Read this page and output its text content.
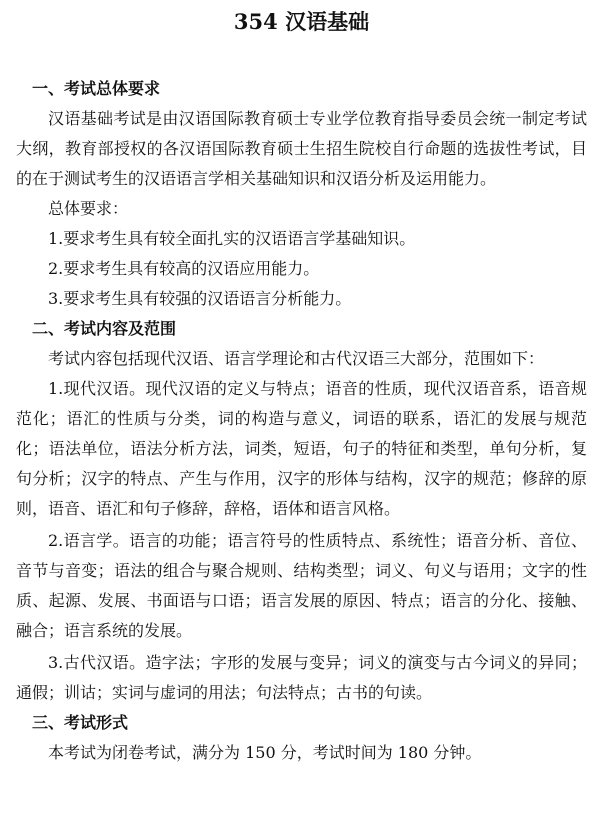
354 汉语基础
一、考试总体要求

汉语基础考试是由汉语国际教育硕士专业学位教育指导委员会统一制定考试大纲，教育部授权的各汉语国际教育硕士生招生院校自行命题的选拔性考试，目的在于测试考生的汉语语言学相关基础知识和汉语分析及运用能力。

总体要求：

1.要求考生具有较全面扎实的汉语语言学基础知识。

2.要求考生具有较高的汉语应用能力。

3.要求考生具有较强的汉语语言分析能力。

二、考试内容及范围

考试内容包括现代汉语、语言学理论和古代汉语三大部分，范围如下：

1.现代汉语。现代汉语的定义与特点；语音的性质，现代汉语音系，语音规范化；语汇的性质与分类，词的构造与意义，词语的联系，语汇的发展与规范化；语法单位，语法分析方法，词类，短语，句子的特征和类型，单句分析，复句分析；汉字的特点、产生与作用，汉字的形体与结构，汉字的规范；修辞的原则，语音、语汇和句子修辞，辞格，语体和语言风格。

2.语言学。语言的功能；语言符号的性质特点、系统性；语音分析、音位、音节与音变；语法的组合与聚合规则、结构类型；词义、句义与语用；文字的性质、起源、发展、书面语与口语；语言发展的原因、特点；语言的分化、接触、融合；语言系统的发展。

3.古代汉语。造字法；字形的发展与变异；词义的演变与古今词义的异同；通假；训诂；实词与虚词的用法；句法特点；古书的句读。

三、考试形式

本考试为闭卷考试，满分为 150 分，考试时间为 180 分钟。
